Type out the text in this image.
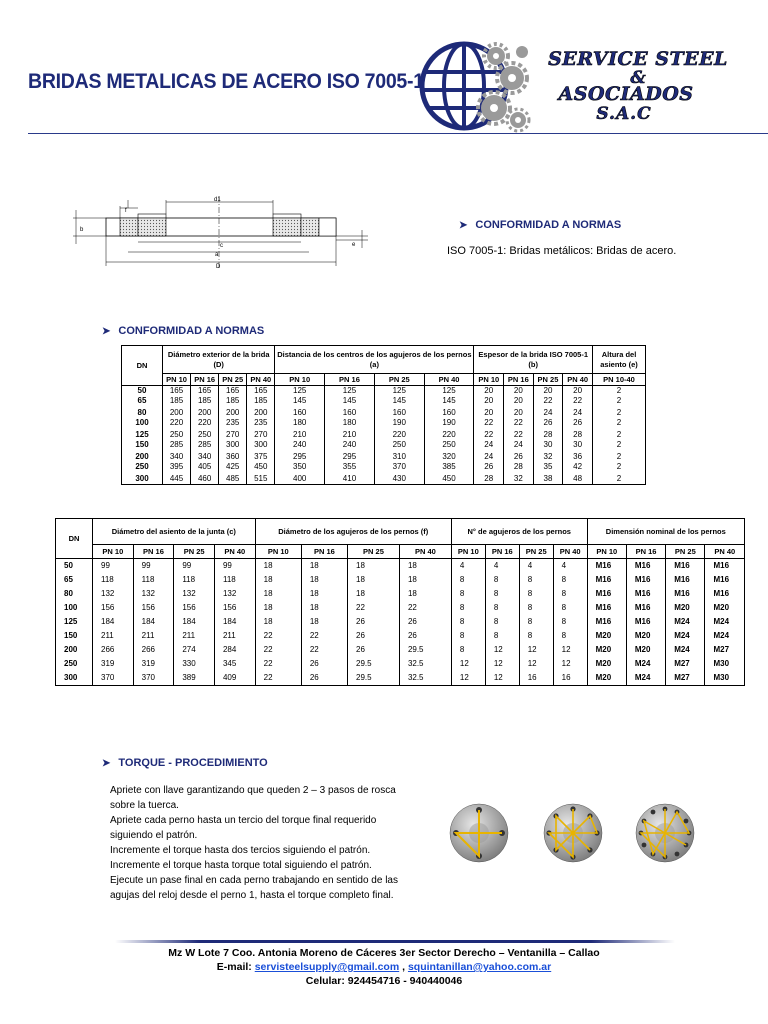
BRIDAS METALICAS DE ACERO ISO 7005-1
SERVICE STEEL
&
ASOCIADOS
S.A.C
d1
f
b
c
a
D
e
➤ CONFORMIDAD A NORMAS
ISO 7005-1: Bridas metálicos: Bridas de acero.
➤ CONFORMIDAD A NORMAS
DN	Diámetro exterior de la brida (D)				Distancia de los centros de los agujeros de los pernos (a)				Espesor de la brida ISO 7005-1 (b)				Altura del asiento (e)
	PN 10	PN 16	PN 25	PN 40	PN 10	PN 16	PN 25	PN 40	PN 10	PN 16	PN 25	PN 40	PN 10-40
50	165	165	165	165	125	125	125	125	20	20	20	20	2
65	185	185	185	185	145	145	145	145	20	20	22	22	2
80	200	200	200	200	160	160	160	160	20	20	24	24	2
100	220	220	235	235	180	180	190	190	22	22	26	26	2
125	250	250	270	270	210	210	220	220	22	22	28	28	2
150	285	285	300	300	240	240	250	250	24	24	30	30	2
200	340	340	360	375	295	295	310	320	24	26	32	36	2
250	395	405	425	450	350	355	370	385	26	28	35	42	2
300	445	460	485	515	400	410	430	450	28	32	38	48	2
DN	Diámetro del asiento de la junta (c)				Diámetro de los agujeros de los pernos (f)				N° de agujeros de los pernos				Dimensión nominal de los pernos			
	PN 10	PN 16	PN 25	PN 40	PN 10	PN 16	PN 25	PN 40	PN 10	PN 16	PN 25	PN 40	PN 10	PN 16	PN 25	PN 40
50	99	99	99	99	18	18	18	18	4	4	4	4	M16	M16	M16	M16
65	118	118	118	118	18	18	18	18	8	8	8	8	M16	M16	M16	M16
80	132	132	132	132	18	18	18	18	8	8	8	8	M16	M16	M16	M16
100	156	156	156	156	18	18	22	22	8	8	8	8	M16	M16	M20	M20
125	184	184	184	184	18	18	26	26	8	8	8	8	M16	M16	M24	M24
150	211	211	211	211	22	22	26	26	8	8	8	8	M20	M20	M24	M24
200	266	266	274	284	22	22	26	29.5	8	12	12	12	M20	M20	M24	M27
250	319	319	330	345	22	26	29.5	32.5	12	12	12	12	M20	M24	M27	M30
300	370	370	389	409	22	26	29.5	32.5	12	12	16	16	M20	M24	M27	M30
➤ TORQUE - PROCEDIMIENTO
Apriete con llave garantizando que queden 2 – 3 pasos de rosca sobre la tuerca.
Apriete cada perno hasta un tercio del torque final requerido siguiendo el patrón.
Incremente el torque hasta dos tercios siguiendo el patrón.
Incremente el torque hasta torque total siguiendo el patrón.
Ejecute un pase final en cada perno trabajando en sentido de las agujas del reloj desde el perno 1, hasta el torque completo final.
Mz W Lote 7 Coo. Antonia Moreno de Cáceres 3er Sector Derecho – Ventanilla – Callao
E-mail: servisteelsupply@gmail.com , squintanillan@yahoo.com.ar
Celular: 924454716 - 940440046
